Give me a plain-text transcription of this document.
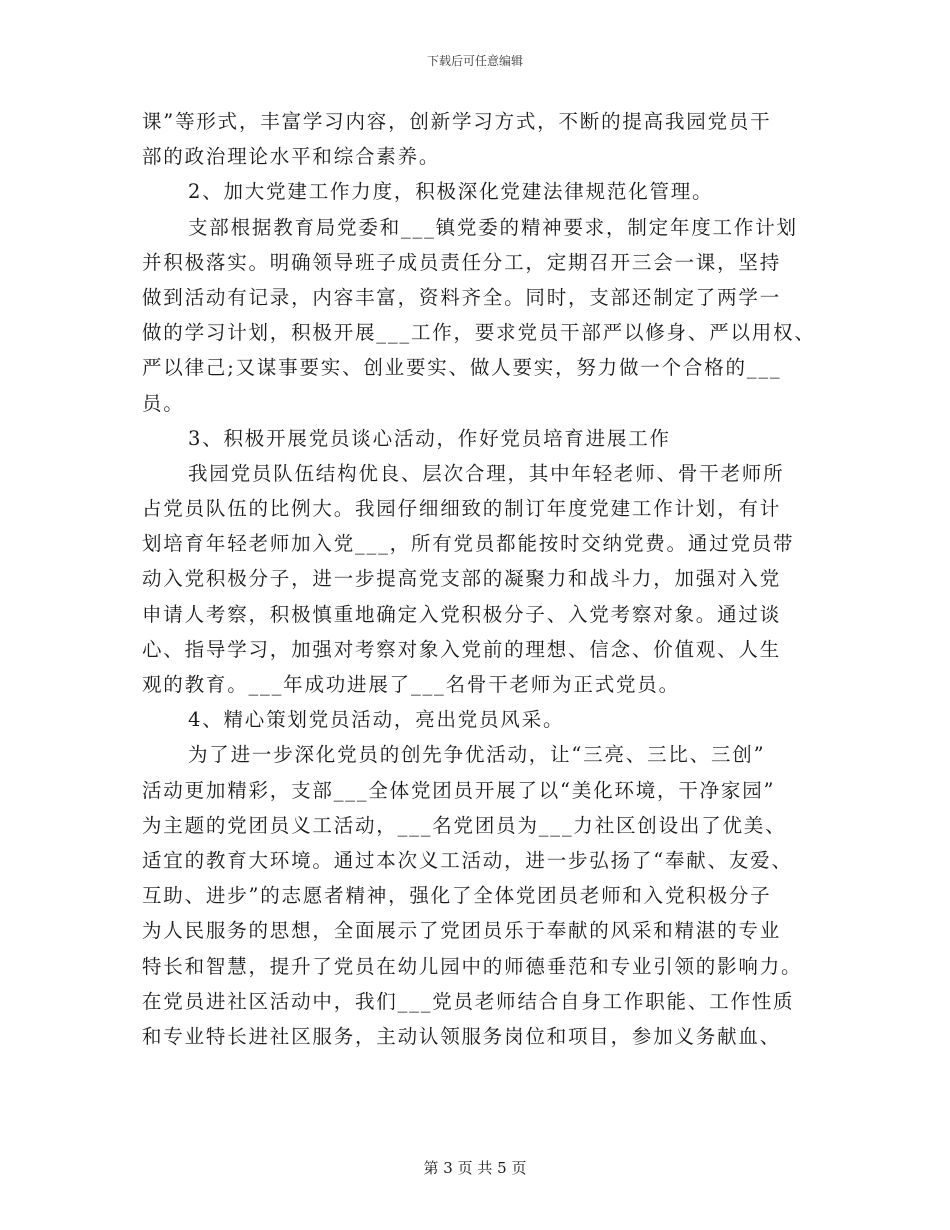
下载后可任意编辑
课”等形式，丰富学习内容，创新学习方式，不断的提高我园党员干
部的政治理论水平和综合素养。
2、加大党建工作力度，积极深化党建法律规范化管理。
支部根据教育局党委和___镇党委的精神要求，制定年度工作计划
并积极落实。明确领导班子成员责任分工，定期召开三会一课，坚持
做到活动有记录，内容丰富，资料齐全。同时，支部还制定了两学一
做的学习计划，积极开展___工作，要求党员干部严以修身、严以用权、
严以律己;又谋事要实、创业要实、做人要实，努力做一个合格的___
员。
3、积极开展党员谈心活动，作好党员培育进展工作
我园党员队伍结构优良、层次合理，其中年轻老师、骨干老师所
占党员队伍的比例大。我园仔细细致的制订年度党建工作计划，有计
划培育年轻老师加入党___，所有党员都能按时交纳党费。通过党员带
动入党积极分子，进一步提高党支部的凝聚力和战斗力，加强对入党
申请人考察，积极慎重地确定入党积极分子、入党考察对象。通过谈
心、指导学习，加强对考察对象入党前的理想、信念、价值观、人生
观的教育。___年成功进展了___名骨干老师为正式党员。
4、精心策划党员活动，亮出党员风采。
为了进一步深化党员的创先争优活动，让“三亮、三比、三创”
活动更加精彩，支部___全体党团员开展了以“美化环境，干净家园”
为主题的党团员义工活动，___名党团员为___力社区创设出了优美、
适宜的教育大环境。通过本次义工活动，进一步弘扬了“奉献、友爱、
互助、进步”的志愿者精神，强化了全体党团员老师和入党积极分子
为人民服务的思想，全面展示了党团员乐于奉献的风采和精湛的专业
特长和智慧，提升了党员在幼儿园中的师德垂范和专业引领的影响力。
在党员进社区活动中，我们___党员老师结合自身工作职能、工作性质
和专业特长进社区服务，主动认领服务岗位和项目，参加义务献血、
第 3 页 共 5 页
